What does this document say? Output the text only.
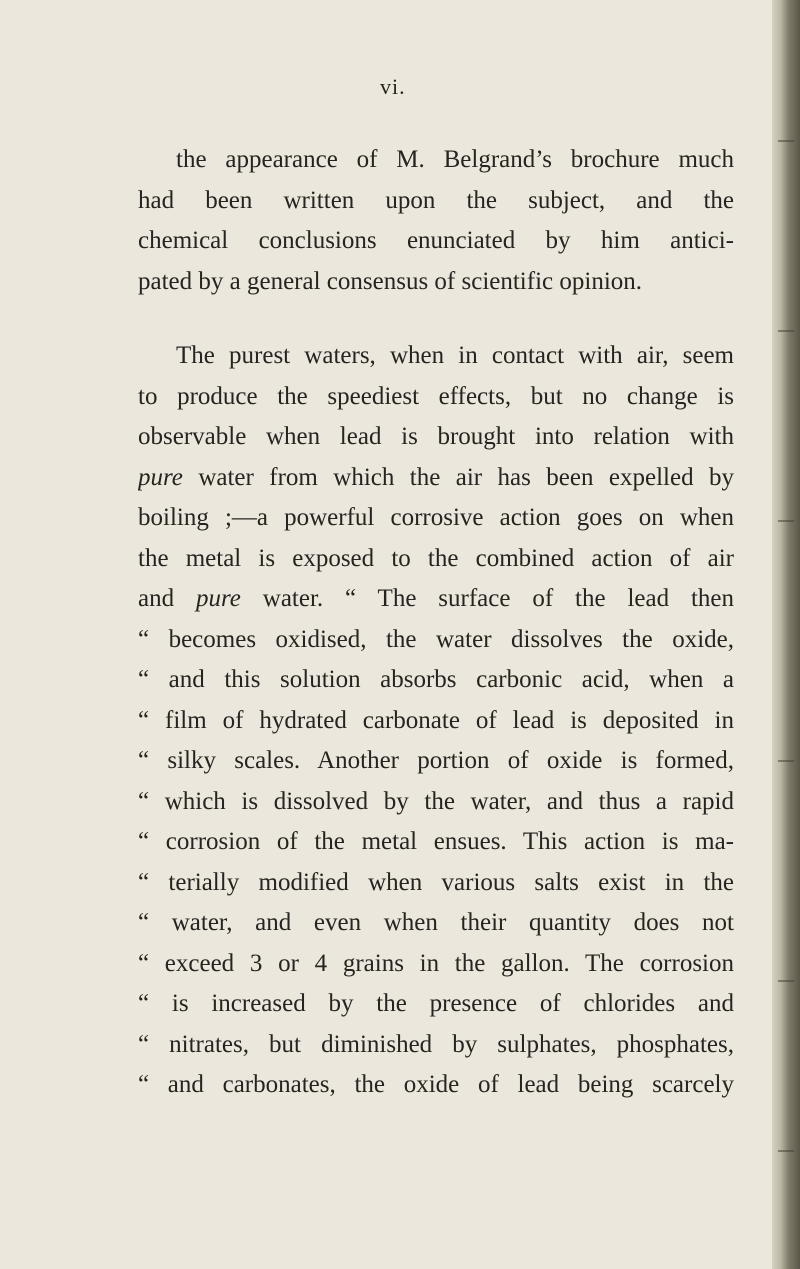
vi.
the appearance of M. Belgrand’s brochure much
had been written upon the subject, and the
chemical conclusions enunciated by him antici-
pated by a general consensus of scientific opinion.
The purest waters, when in contact with air, seem
to produce the speediest effects, but no change is
observable when lead is brought into relation with
pure water from which the air has been expelled by
boiling ;—a powerful corrosive action goes on when
the metal is exposed to the combined action of air
and pure water. “ The surface of the lead then
“ becomes oxidised, the water dissolves the oxide,
“ and this solution absorbs carbonic acid, when a
“ film of hydrated carbonate of lead is deposited in
“ silky scales. Another portion of oxide is formed,
“ which is dissolved by the water, and thus a rapid
“ corrosion of the metal ensues. This action is ma-
“ terially modified when various salts exist in the
“ water, and even when their quantity does not
“ exceed 3 or 4 grains in the gallon. The corrosion
“ is increased by the presence of chlorides and
“ nitrates, but diminished by sulphates, phosphates,
“ and carbonates, the oxide of lead being scarcely
